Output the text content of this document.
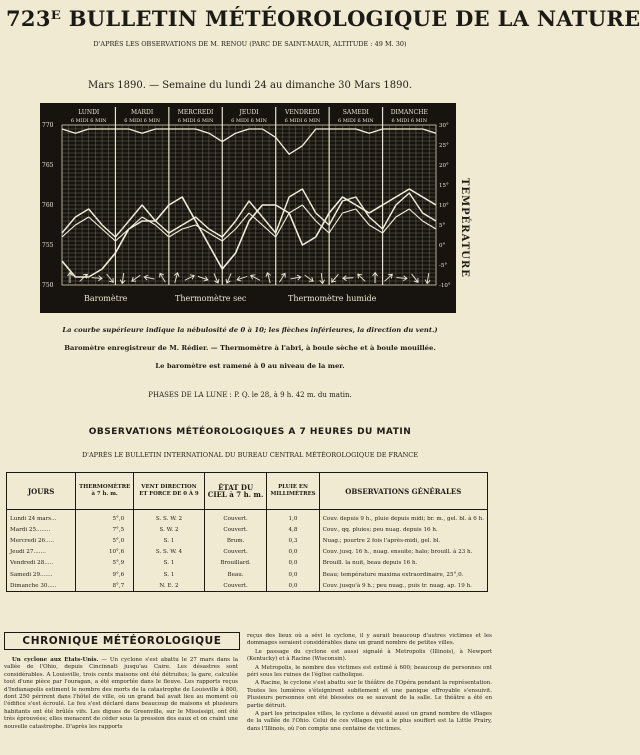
723ᴱ BULLETIN MÉTÉOROLOGIQUE DE LA NATURE
D'APRÈS LES OBSERVATIONS DE M. RENOU (PARC DE SAINT-MAUR, ALTITUDE : 49 M. 30)
Mars 1890. — Semaine du lundi 24 au dimanche 30 Mars 1890.
TEMPÉRATURE
LUNDI
6 MIDI 6 MIN
MARDI
6 MIDI 6 MIN
MERCREDI
6 MIDI 6 MIN
JEUDI
6 MIDI 6 MIN
VENDREDI
6 MIDI 6 MIN
SAMEDI
6 MIDI 6 MIN
DIMANCHE
6 MIDI 6 MIN
770
765
760
755
750
30°
25°
20°
15°
10°
5°
0°
-5°
-10°
Baromètre	Thermomètre sec	Thermomètre humide
La courbe supérieure indique la nébulosité de 0 à 10; les flèches inférieures, la direction du vent.)
Baromètre enregistreur de M. Rédier. — Thermomètre à l'abri, à boule sèche et à boule mouillée.
Le baromètre est ramené à 0 au niveau de la mer.
PHASES DE LA LUNE : P. Q. le 28, à 9 h. 42 m. du matin.
OBSERVATIONS MÉTÉOROLOGIQUES A 7 HEURES DU MATIN
D'APRÈS LE BULLETIN INTERNATIONAL DU BUREAU CENTRAL MÉTÉOROLOGIQUE DE FRANCE
JOURS	THERMOMÈTRE à 7 h. m.	VENT DIRECTION ET FORCE DE 0 À 9	ÉTAT DU CIEL à 7 h. m.	PLUIE EN MILLIMÈTRES	OBSERVATIONS GÉNÉRALES
Lundi 24 mars...	5°,0	S. S. W. 2	Couvert.	1,0	Couv. depuis 9 h., pluie depuis midi; br. m., gel. bl. à 6 h.
Mardi 25........	7°,5	S. W. 2	Couvert.	4,8	Couv., qq. pluies; peu nuag. depuis 16 h.
Mercredi 26.....	5°,0	S. 1	Brum.	0,3	Nuag.; pourtre 2 fois l'après-midi, gel. bl.
Jeudi 27.......	10°,6	S. S. W. 4	Couvert.	0,0	Couv. jusq. 16 h., nuag. ensuite; halo; brouill. à 23 h.
Vendredi 28.....	5°,9	S. 1	Brouillard.	0,0	Brouill. la nuit, beau depuis 16 h.
Samedi 29.......	9°,6	S. 1	Beau.	0,0	Beau; température maxima extraordinaire, 25°,0.
Dimanche 30.....	8°,7	N. E. 2	Couvert.	0,0	Couv. jusqu'à 9 h.; peu nuag., puis tr. nuag. ap. 19 h.
CHRONIQUE MÉTÉOROLOGIQUE

Un cyclone aux Etats-Unis. — Un cyclone s'est abattu le 27 mars dans la vallée de l'Ohio, depuis Cincinnati jusqu'au Caire. Les désastres sont considérables. A Louisville, trois cents maisons ont été détruites; la gare, calculée tout d'une pièce par l'ouragan, a été emportée dans le fleuve. Les rapports reçus d'Indianapolis estiment le nombre des morts de la catastrophe de Louisville à 800, dont 250 périrent dans l'hôtel de ville, où un grand bal avait lieu au moment où l'édifice s'est écroulé. Le feu s'est déclaré dans beaucoup de maisons et plusieurs habitants ont été brûlés vifs. Les digues de Greenville, sur le Mississipi, ont été très éprouvées; elles menacent de céder sous la pression des eaux et on craint une nouvelle catastrophe. D'après les rapports

reçus des lieux où a sévi le cyclone, il y aurait beaucoup d'autres victimes et les dommages seraient considérables dans un grand nombre de petites villes.

Le passage du cyclone est aussi signalé à Metropolis (Illinois), à Newport (Kentucky) et à Racine (Wisconsin).

A Metropolis, le nombre des victimes est estimé à 600; beaucoup de personnes ont péri sous les ruines de l'église catholique.

A Racine, le cyclone s'est abattu sur le théâtre de l'Opéra pendant la représentation. Toutes les lumières s'éteignirent subitement et une panique effroyable s'ensuivit. Plusieurs personnes ont été blessées ou se sauvant de la salle. Le théâtre a été en partie détruit.

A part les principales villes, le cyclone a dévasté aussi un grand nombre de villages de la vallée de l'Ohio. Celui de ces villages qui a le plus souffert est la Little Prairy, dans l'Illinois, où l'on compte une centaine de victimes.
